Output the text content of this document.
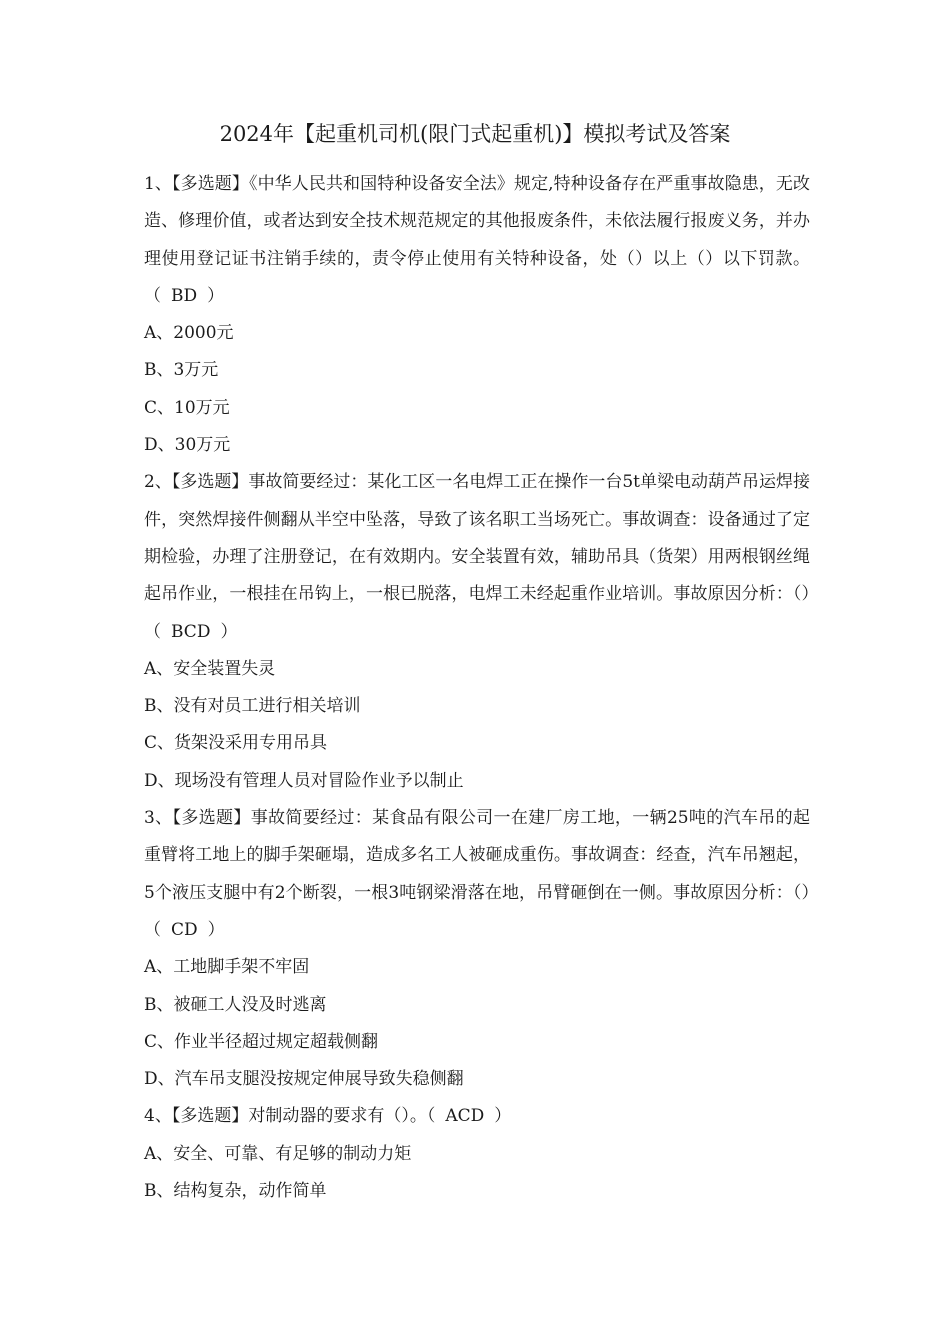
2024年【起重机司机(限门式起重机)】模拟考试及答案

1、【多选题】《中华人民共和国特种设备安全法》规定,特种设备存在严重事故隐患，无改造、修理价值，或者达到安全技术规范规定的其他报废条件，未依法履行报废义务，并办理使用登记证书注销手续的，责令停止使用有关特种设备，处（）以上（）以下罚款。（ BD ）

A、2000元

B、3万元

C、10万元

D、30万元

2、【多选题】事故简要经过：某化工区一名电焊工正在操作一台5t单梁电动葫芦吊运焊接件，突然焊接件侧翻从半空中坠落，导致了该名职工当场死亡。事故调查：设备通过了定期检验，办理了注册登记，在有效期内。安全装置有效，辅助吊具（货架）用两根钢丝绳起吊作业，一根挂在吊钩上，一根已脱落，电焊工未经起重作业培训。事故原因分析：（）（ BCD ）

A、安全装置失灵

B、没有对员工进行相关培训

C、货架没采用专用吊具

D、现场没有管理人员对冒险作业予以制止

3、【多选题】事故简要经过：某食品有限公司一在建厂房工地，一辆25吨的汽车吊的起重臂将工地上的脚手架砸塌，造成多名工人被砸成重伤。事故调查：经查，汽车吊翘起，5个液压支腿中有2个断裂，一根3吨钢梁滑落在地，吊臂砸倒在一侧。事故原因分析：（）（ CD ）

A、工地脚手架不牢固

B、被砸工人没及时逃离

C、作业半径超过规定超载侧翻

D、汽车吊支腿没按规定伸展导致失稳侧翻

4、【多选题】对制动器的要求有（）。（ ACD ）

A、安全、可靠、有足够的制动力矩

B、结构复杂，动作简单
